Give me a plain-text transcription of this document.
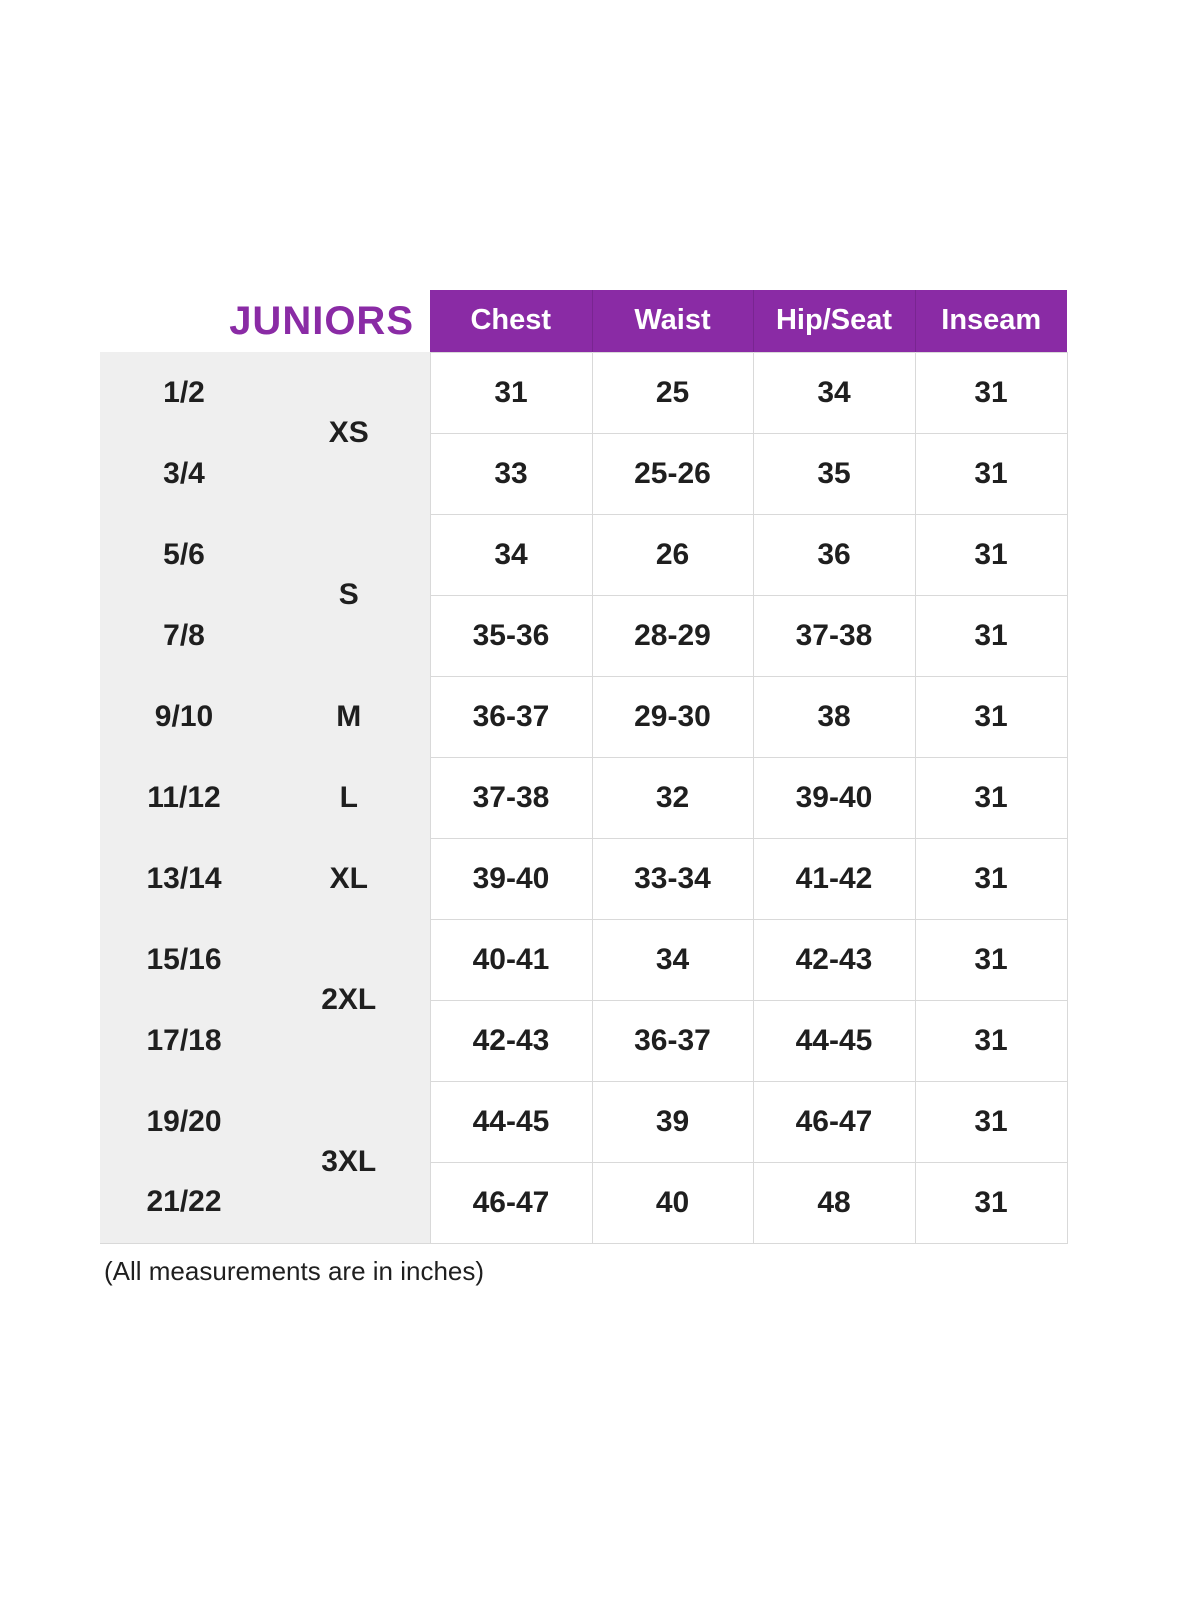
JUNIORS		Chest	Waist	Hip/Seat	Inseam
1/2	XS	31	25	34	31
3/4		33	25-26	35	31
5/6	S	34	26	36	31
7/8		35-36	28-29	37-38	31
9/10	M	36-37	29-30	38	31
11/12	L	37-38	32	39-40	31
13/14	XL	39-40	33-34	41-42	31
15/16	2XL	40-41	34	42-43	31
17/18		42-43	36-37	44-45	31
19/20	3XL	44-45	39	46-47	31
21/22		46-47	40	48	31

(All measurements are in inches)
